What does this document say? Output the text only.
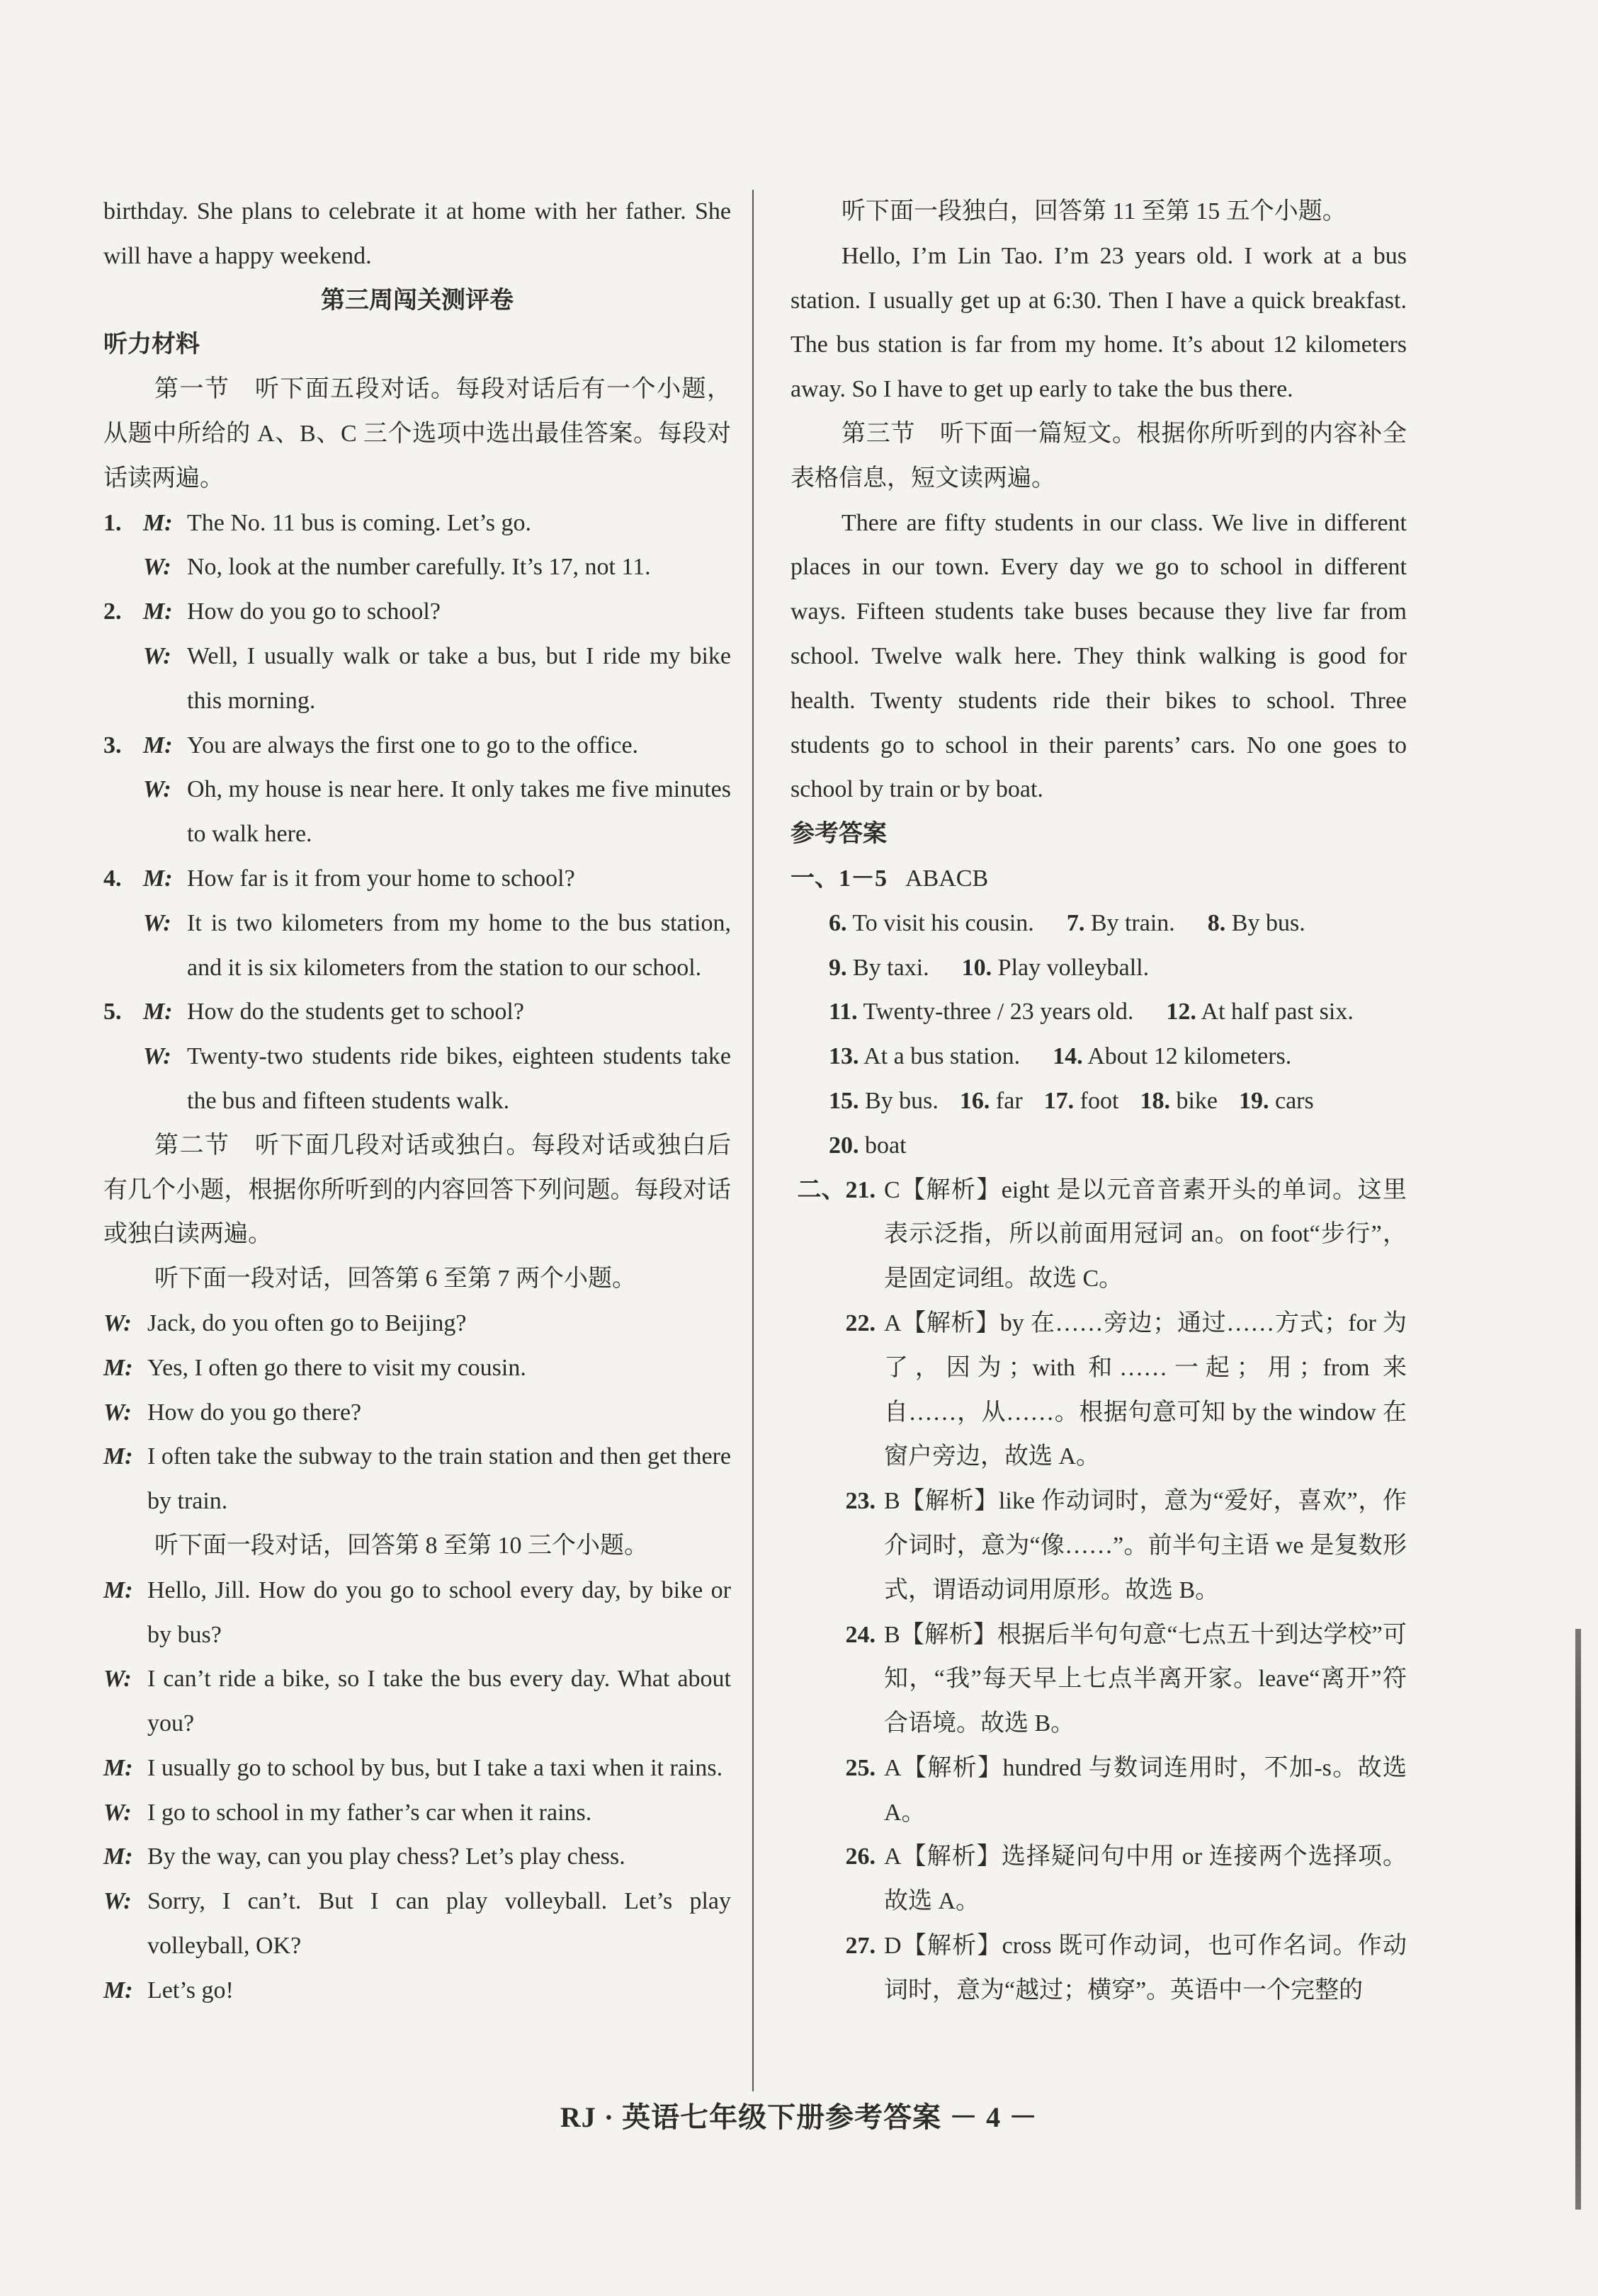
birthday. She plans to celebrate it at home with her father. She will have a happy weekend.

第三周闯关测评卷

听力材料

第一节　听下面五段对话。每段对话后有一个小题，从题中所给的 A、B、C 三个选项中选出最佳答案。每段对话读两遍。

1. M: The No. 11 bus is coming. Let’s go.
W: No, look at the number carefully. It’s 17, not 11.
2. M: How do you go to school?
W: Well, I usually walk or take a bus, but I ride my bike this morning.
3. M: You are always the first one to go to the office.
W: Oh, my house is near here. It only takes me five minutes to walk here.
4. M: How far is it from your home to school?
W: It is two kilometers from my home to the bus station, and it is six kilometers from the station to our school.
5. M: How do the students get to school?
W: Twenty-two students ride bikes, eighteen students take the bus and fifteen students walk.

第二节　听下面几段对话或独白。每段对话或独白后有几个小题，根据你所听到的内容回答下列问题。每段对话或独白读两遍。

听下面一段对话，回答第 6 至第 7 两个小题。

W: Jack, do you often go to Beijing?
M: Yes, I often go there to visit my cousin.
W: How do you go there?
M: I often take the subway to the train station and then get there by train.

听下面一段对话，回答第 8 至第 10 三个小题。

M: Hello, Jill. How do you go to school every day, by bike or by bus?
W: I can’t ride a bike, so I take the bus every day. What about you?
M: I usually go to school by bus, but I take a taxi when it rains.
W: I go to school in my father’s car when it rains.
M: By the way, can you play chess? Let’s play chess.
W: Sorry, I can’t. But I can play volleyball. Let’s play volleyball, OK?
M: Let’s go!

听下面一段独白，回答第 11 至第 15 五个小题。

Hello, I’m Lin Tao. I’m 23 years old. I work at a bus station. I usually get up at 6:30. Then I have a quick breakfast. The bus station is far from my home. It’s about 12 kilometers away. So I have to get up early to take the bus there.

第三节　听下面一篇短文。根据你所听到的内容补全表格信息，短文读两遍。

There are fifty students in our class. We live in different places in our town. Every day we go to school in different ways. Fifteen students take buses because they live far from school. Twelve walk here. They think walking is good for health. Twenty students ride their bikes to school. Three students go to school in their parents’ cars. No one goes to school by train or by boat.

参考答案

一、1－5 ABACB
6. To visit his cousin. 7. By train. 8. By bus.
9. By taxi. 10. Play volleyball.
11. Twenty-three / 23 years old. 12. At half past six.
13. At a bus station. 14. About 12 kilometers.
15. By bus. 16. far 17. foot 18. bike 19. cars
20. boat
二、21. C【解析】eight 是以元音音素开头的单词。这里表示泛指，所以前面用冠词 an。on foot“步行”，是固定词组。故选 C。
22. A【解析】by 在……旁边；通过……方式；for 为了，因为；with 和……一起；用；from 来自……，从……。根据句意可知 by the window 在窗户旁边，故选 A。
23. B【解析】like 作动词时，意为“爱好，喜欢”，作介词时，意为“像……”。前半句主语 we 是复数形式，谓语动词用原形。故选 B。
24. B【解析】根据后半句句意“七点五十到达学校”可知，“我”每天早上七点半离开家。leave“离开”符合语境。故选 B。
25. A【解析】hundred 与数词连用时，不加-s。故选 A。
26. A【解析】选择疑问句中用 or 连接两个选择项。故选 A。
27. D【解析】cross 既可作动词，也可作名词。作动词时，意为“越过；横穿”。英语中一个完整的
RJ · 英语七年级下册参考答案 － 4 －
